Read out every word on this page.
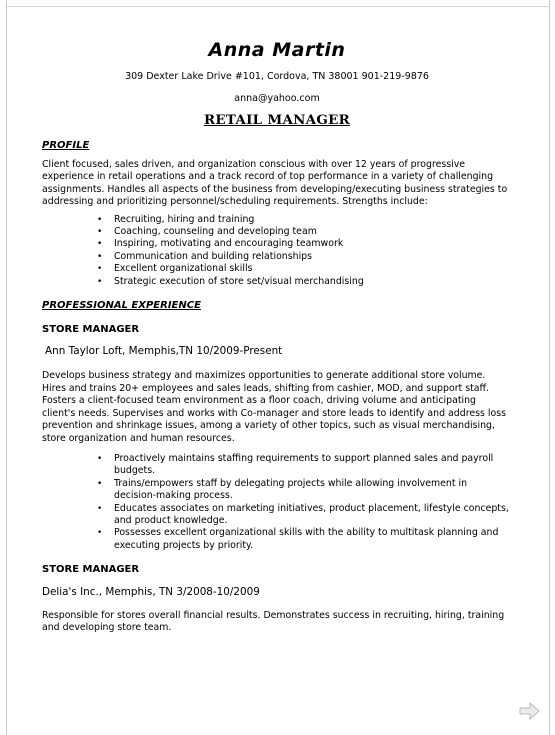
Anna Martin
309 Dexter Lake Drive #101, Cordova, TN 38001 901-219-9876
anna@yahoo.com
RETAIL MANAGER
PROFILE
Client focused, sales driven, and organization conscious with over 12 years of progressive experience in retail operations and a track record of top performance in a variety of challenging assignments. Handles all aspects of the business from developing/executing business strategies to addressing and prioritizing personnel/scheduling requirements. Strengths include:
• Recruiting, hiring and training
• Coaching, counseling and developing team
• Inspiring, motivating and encouraging teamwork
• Communication and building relationships
• Excellent organizational skills
• Strategic execution of store set/visual merchandising
PROFESSIONAL EXPERIENCE
STORE MANAGER
Ann Taylor Loft, Memphis,TN 10/2009-Present
Develops business strategy and maximizes opportunities to generate additional store volume. Hires and trains 20+ employees and sales leads, shifting from cashier, MOD, and support staff. Fosters a client-focused team environment as a floor coach, driving volume and anticipating client's needs. Supervises and works with Co-manager and store leads to identify and address loss prevention and shrinkage issues, among a variety of other topics, such as visual merchandising, store organization and human resources.
• Proactively maintains staffing requirements to support planned sales and payroll budgets.
• Trains/empowers staff by delegating projects while allowing involvement in decision-making process.
• Educates associates on marketing initiatives, product placement, lifestyle concepts, and product knowledge.
• Possesses excellent organizational skills with the ability to multitask planning and executing projects by priority.
STORE MANAGER
Delia's Inc., Memphis, TN 3/2008-10/2009
Responsible for stores overall financial results. Demonstrates success in recruiting, hiring, training and developing store team.
